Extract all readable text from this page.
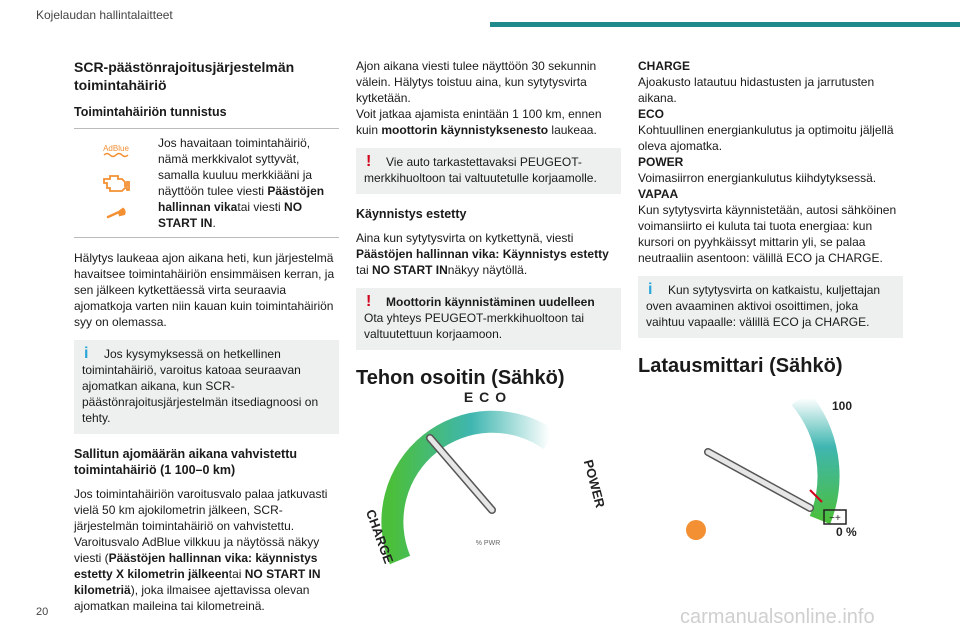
Kojelaudan hallintalaitteet
SCR-päästönrajoitusjärjestelmän toimintahäiriö
Toimintahäiriön tunnistus
AdBlue Jos havaitaan toimintahäiriö, nämä merkkivalot syttyvät, samalla kuuluu merkkiääni ja näyttöön tulee viesti Päästöjen hallinnan vikatai viesti NO START IN.

Hälytys laukeaa ajon aikana heti, kun järjestelmä havaitsee toimintahäiriön ensimmäisen kerran, ja sen jälkeen kytkettäessä virta seuraavia ajomatkoja varten niin kauan kuin toimintahäiriön syy on olemassa.

i	Jos kysymyksessä on hetkellinen toimintahäiriö, varoitus katoaa seuraavan ajomatkan aikana, kun SCR-päästönrajoitusjärjestelmän itsediagnoosi on tehty.
Sallitun ajomäärän aikana vahvistettu toimintahäiriö (1 100–0 km)

Jos toimintahäiriön varoitusvalo palaa jatkuvasti vielä 50 km ajokilometrin jälkeen, SCR-järjestelmän toimintahäiriö on vahvistettu. Varoitusvalo AdBlue vilkkuu ja näytössä näkyy viesti (Päästöjen hallinnan vika: käynnistys estetty X kilometrin jälkeentai NO START IN kilometriä), joka ilmaisee ajettavissa olevan ajomatkan maileina tai kilometreinä.

Ajon aikana viesti tulee näyttöön 30 sekunnin välein. Hälytys toistuu aina, kun sytytysvirta kytketään.

Voit jatkaa ajamista enintään 1 100 km, ennen kuin moottorin käynnistyksenesto laukeaa.

!	Vie auto tarkastettavaksi PEUGEOT-merkkihuoltoon tai valtuutetulle korjaamolle.
Käynnistys estetty

Aina kun sytytysvirta on kytkettynä, viesti Päästöjen hallinnan vika: Käynnistys estetty tai NO START INnäkyy näytöllä.

!	Moottorin käynnistäminen uudelleen
Ota yhteys PEUGEOT-merkkihuoltoon tai valtuutettuun korjaamoon.
Tehon osoitin (Sähkö)
ECO
CHARGE
POWER
% PWR
CHARGE
Ajoakusto latautuu hidastusten ja jarrutusten aikana.
ECO
Kohtuullinen energiankulutus ja optimoitu jäljellä oleva ajomatka.
POWER
Voimasiirron energiankulutus kiihdytyksessä.
VAPAA
Kun sytytysvirta käynnistetään, autosi sähköinen voimansiirto ei kuluta tai tuota energiaa: kun kursori on pyyhkäissyt mittarin yli, se palaa neutraaliin asentoon: välillä ECO ja CHARGE.
i	Kun sytytysvirta on katkaistu, kuljettajan oven avaaminen aktivoi osoittimen, joka vaihtuu vapaalle: välillä ECO ja CHARGE.
Latausmittari (Sähkö)
100
0 %
−+
20	carmanualsonline.info
